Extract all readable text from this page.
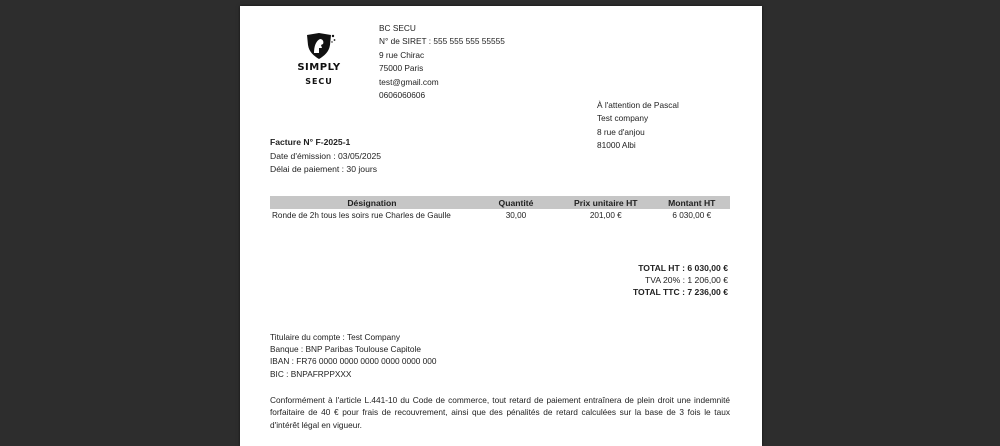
SIMPLY
SECU
BC SECU
N° de SIRET : 555 555 555 55555
9 rue Chirac
75000 Paris
test@gmail.com
0606060606
À l'attention de Pascal
Test company
8 rue d'anjou
81000 Albi
Facture N° F-2025-1
Date d'émission : 03/05/2025
Délai de paiement : 30 jours
Désignation	Quantité	Prix unitaire HT	Montant HT
Ronde de 2h tous les soirs rue Charles de Gaulle	30,00	201,00 €	6 030,00 €
TOTAL HT : 6 030,00 €
TVA 20% : 1 206,00 €
TOTAL TTC : 7 236,00 €
Titulaire du compte : Test Company
Banque : BNP Paribas Toulouse Capitole
IBAN : FR76 0000 0000 0000 0000 0000 000
BIC : BNPAFRPPXXX
Conformément à l'article L.441-10 du Code de commerce, tout retard de paiement entraînera de plein droit une indemnité forfaitaire de 40 € pour frais de recouvrement, ainsi que des pénalités de retard calculées sur la base de 3 fois le taux d'intérêt légal en vigueur.
